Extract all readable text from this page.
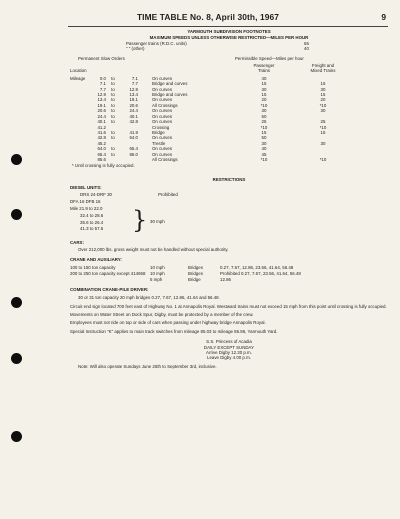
TIME TABLE No. 8, April 30th, 1967	9
YARMOUTH SUBDIVISION FOOTNOTES
MAXIMUM SPEEDS UNLESS OTHERWISE RESTRICTED—MILES PER HOUR
Passenger trains (R.D.C. units)	65
" " (other)	40
Permanent Slow Orders	Permissible Speed—Miles per hour
Passenger	Freight and
Location	Trains	Mixed Trains
Mileage	0.0to	7.1	On curves	40
7.1to	7.7	Bridge and curves	15	15
7.7to	12.9	On curves	30	30
12.9to	13.4	Bridge and curves	15	15
13.4to	19.1	On curves	20	20
19.1to	20.6	All Crossings	*10	*10
20.6to	24.4	On curves	30	30
24.4to	40.1	On curves	50
40.1to	42.8	On curves	25	25
41.2	Crossing	*10	*10
41.6to	41.9	Bridge	15	15
42.8to	64.0	On curves	50
45.2	Trestle	30	30
64.0to	65.4	On curves	40
65.4to	86.0	On curves	45
85.6	All Crossings	*10	*10
* Until crossing is fully occupied.
RESTRICTIONS
DIESEL UNITS:
DRS 24-DRF 30	Prohibited
DFA 16 DFB 16
Mile 21.9 to 22.0
32.4 to 28.6
35.6 to 26.4
41.3 to 57.5	} 30 mph
CARS:
Over 212,000 lbs. gross weight must not be handled without special authority.
CRANE AND AUXILIARY:
100 to 150 ton capacity	10 mph	Bridges	0.27, 7.67, 12.86, 23.56, 41.64, 56.48
200 to 250 ton capacity except 414658	10 mph	Bridges	Prohibited 0.27, 7.67, 23.56, 41.64, 56.48
5 mph	Bridge	12.86
COMBINATION CRANE-PILE DRIVER:
30 or 31 ton capacity 20 mph bridges 0.27, 7.67, 12.86, 41.64 and 56.48.
Circuit end sign located 700 feet east of Highway No. 1 at Annapolis Royal. Westward trains must not exceed 15 mph from this point until crossing is fully occupied.
Movements on Water Street on Dock Spur, Digby, must be protected by a member of the crew.
Employees must not ride on top or side of cars when passing under highway bridge Annapolis Royal.
Special Instruction "K" applies to main track switches from mileage 85.03 to mileage 86.86, Yarmouth Yard.
S.S. Princess of Acadia
DAILY EXCEPT SUNDAY
Arrive Digby 12.30 p.m.
Leave Digby 4.00 p.m.
Note: Will also operate Sundays June 25th to September 3rd, inclusive.
